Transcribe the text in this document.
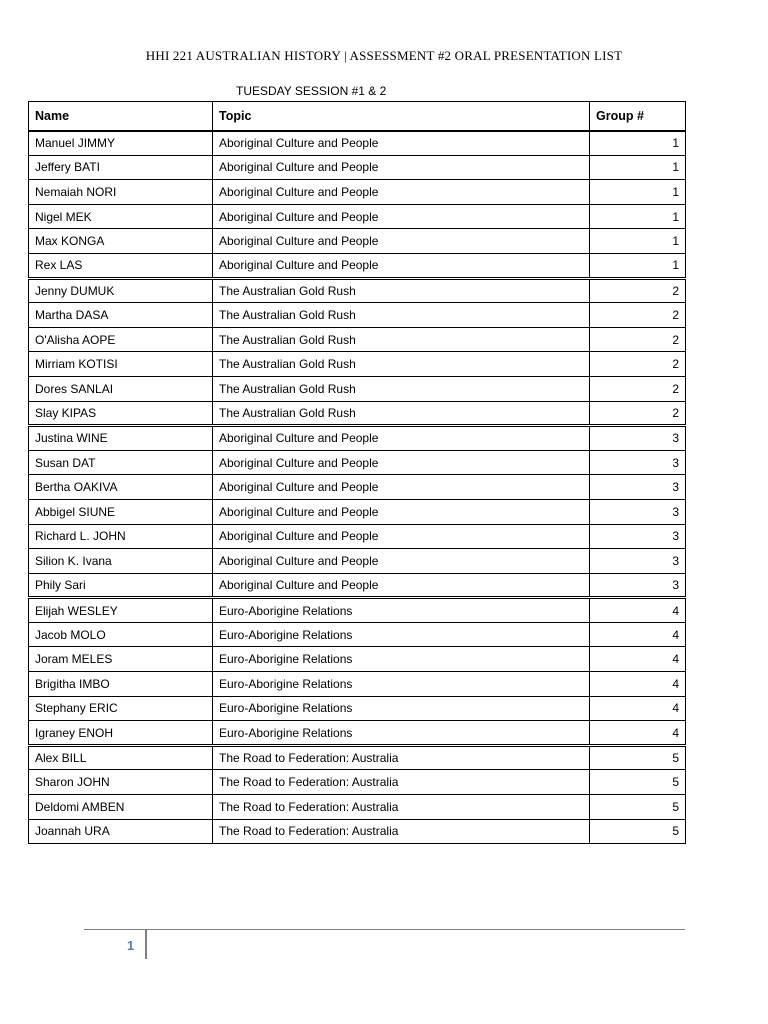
HHI 221 AUSTRALIAN HISTORY | ASSESSMENT #2 ORAL PRESENTATION LIST
TUESDAY SESSION #1 & 2
Name	Topic	Group #
Manuel JIMMY	Aboriginal Culture and People	1
Jeffery BATI	Aboriginal Culture and People	1
Nemaiah NORI	Aboriginal Culture and People	1
Nigel MEK	Aboriginal Culture and People	1
Max KONGA	Aboriginal Culture and People	1
Rex LAS	Aboriginal Culture and People	1
Jenny DUMUK	The Australian Gold Rush	2
Martha DASA	The Australian Gold Rush	2
O'Alisha AOPE	The Australian Gold Rush	2
Mirriam KOTISI	The Australian Gold Rush	2
Dores SANLAI	The Australian Gold Rush	2
Slay KIPAS	The Australian Gold Rush	2
Justina WINE	Aboriginal Culture and People	3
Susan DAT	Aboriginal Culture and People	3
Bertha OAKIVA	Aboriginal Culture and People	3
Abbigel SIUNE	Aboriginal Culture and People	3
Richard L. JOHN	Aboriginal Culture and People	3
Silion K. Ivana	Aboriginal Culture and People	3
Phily Sari	Aboriginal Culture and People	3
Elijah WESLEY	Euro-Aborigine Relations	4
Jacob MOLO	Euro-Aborigine Relations	4
Joram MELES	Euro-Aborigine Relations	4
Brigitha IMBO	Euro-Aborigine Relations	4
Stephany ERIC	Euro-Aborigine Relations	4
Igraney ENOH	Euro-Aborigine Relations	4
Alex BILL	The Road to Federation: Australia	5
Sharon JOHN	The Road to Federation: Australia	5
Deldomi AMBEN	The Road to Federation: Australia	5
Joannah URA	The Road to Federation: Australia	5
1
